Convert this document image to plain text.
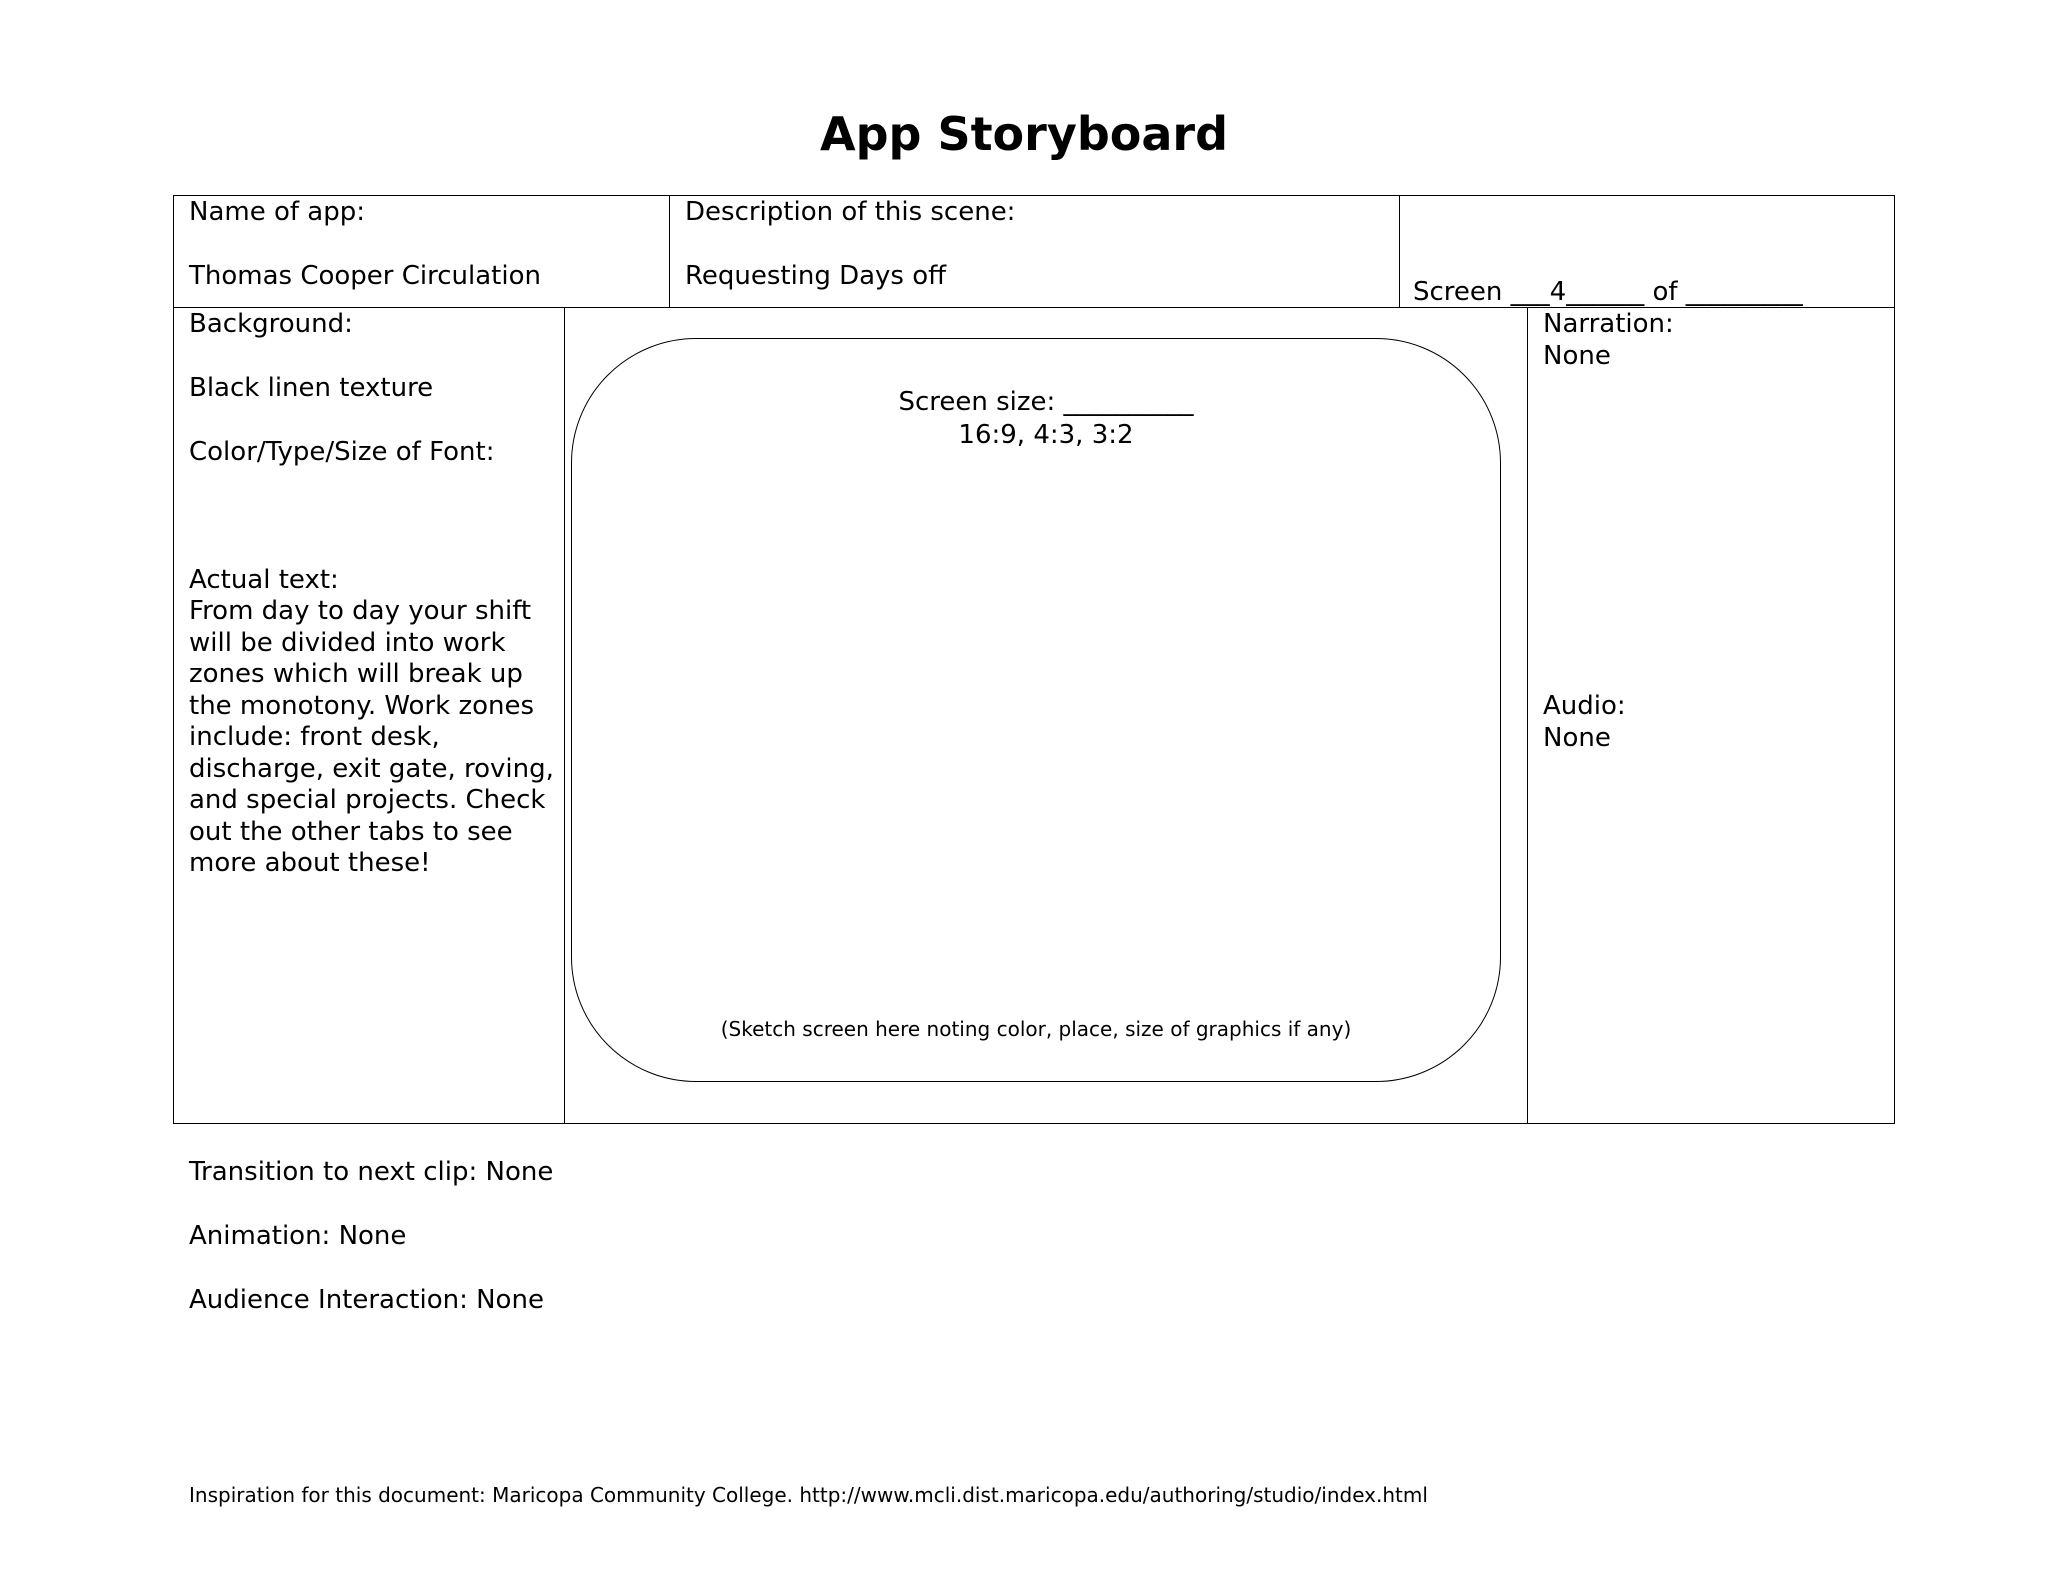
App Storyboard
Name of app:
Thomas Cooper Circulation
Description of this scene:
Requesting Days off
Screen ___4______ of _________
Background:
Black linen texture
Color/Type/Size of Font:
Actual text:
From day to day your shift will be divided into work zones which will break up the monotony. Work zones include: front desk, discharge, exit gate, roving, and special projects. Check out the other tabs to see more about these!
Screen size: __________
16:9, 4:3, 3:2
(Sketch screen here noting color, place, size of graphics if any)
Narration:
None
Audio:
None
Transition to next clip: None
Animation: None
Audience Interaction: None
Inspiration for this document: Maricopa Community College. http://www.mcli.dist.maricopa.edu/authoring/studio/index.html
